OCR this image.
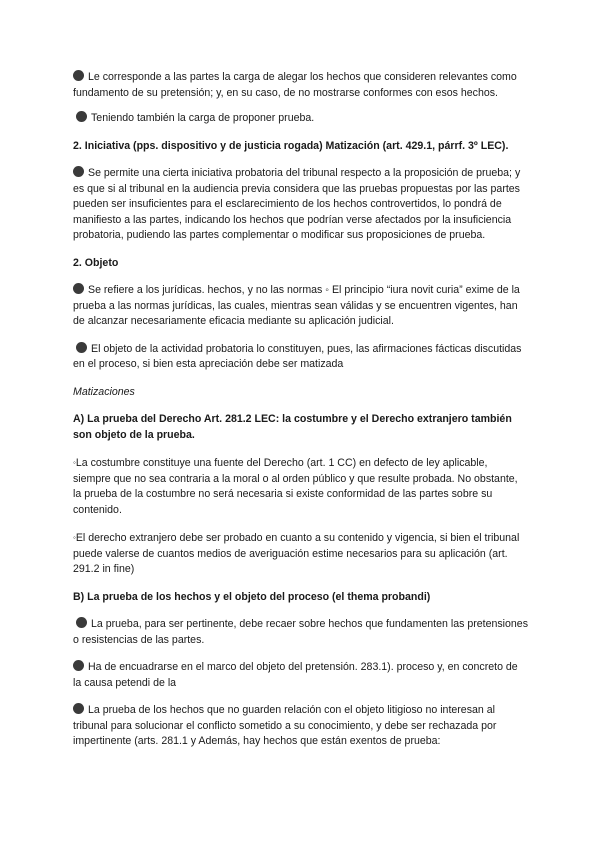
Le corresponde a las partes la carga de alegar los hechos que consideren relevantes como fundamento de su pretensión; y, en su caso, de no mostrarse conformes con esos hechos.

Teniendo también la carga de proponer prueba.

2. Iniciativa (pps. dispositivo y de justicia rogada) Matización (art. 429.1, párrf. 3º LEC).

Se permite una cierta iniciativa probatoria del tribunal respecto a la proposición de prueba; y es que si al tribunal en la audiencia previa considera que las pruebas propuestas por las partes pueden ser insuficientes para el esclarecimiento de los hechos controvertidos, lo pondrá de manifiesto a las partes, indicando los hechos que podrían verse afectados por la insuficiencia probatoria, pudiendo las partes complementar o modificar sus proposiciones de prueba.

2. Objeto

Se refiere a los jurídicas. hechos, y no las normas ◦ El principio “iura novit curia” exime de la prueba a las normas jurídicas, las cuales, mientras sean válidas y se encuentren vigentes, han de alcanzar necesariamente eficacia mediante su aplicación judicial.

El objeto de la actividad probatoria lo constituyen, pues, las afirmaciones fácticas discutidas en el proceso, si bien esta apreciación debe ser matizada

Matizaciones

A) La prueba del Derecho Art. 281.2 LEC: la costumbre y el Derecho extranjero también son objeto de la prueba.

◦La costumbre constituye una fuente del Derecho (art. 1 CC) en defecto de ley aplicable, siempre que no sea contraria a la moral o al orden público y que resulte probada. No obstante, la prueba de la costumbre no será necesaria si existe conformidad de las partes sobre su contenido.

◦El derecho extranjero debe ser probado en cuanto a su contenido y vigencia, si bien el tribunal puede valerse de cuantos medios de averiguación estime necesarios para su aplicación (art. 291.2 in fine)

B) La prueba de los hechos y el objeto del proceso (el thema probandi)

La prueba, para ser pertinente, debe recaer sobre hechos que fundamenten las pretensiones o resistencias de las partes.

Ha de encuadrarse en el marco del objeto del pretensión. 283.1). proceso y, en concreto de la causa petendi de la

La prueba de los hechos que no guarden relación con el objeto litigioso no interesan al tribunal para solucionar el conflicto sometido a su conocimiento, y debe ser rechazada por impertinente (arts. 281.1 y Además, hay hechos que están exentos de prueba:
